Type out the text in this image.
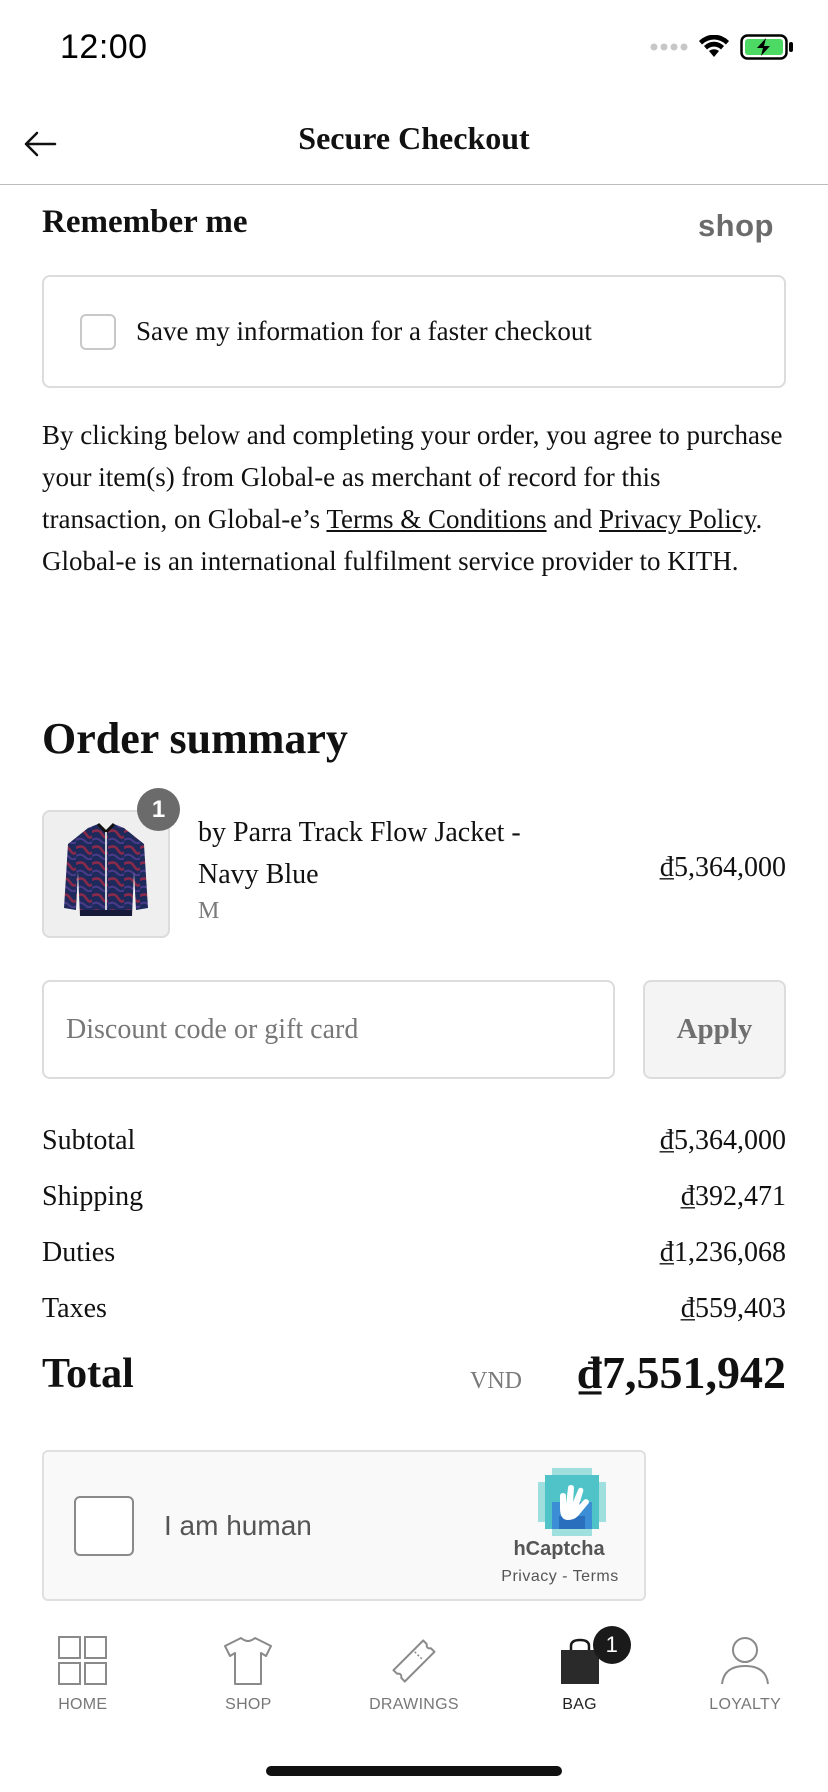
12:00
Secure Checkout
Remember me	shop
Save my information for a faster checkout

By clicking below and completing your order, you agree to purchase your item(s) from Global-e as merchant of record for this transaction, on Global-e’s Terms & Conditions and Privacy Policy. Global-e is an international fulfilment service provider to KITH.

Order summary
1
by Parra Track Flow Jacket - Navy Blue
M
₫5,364,000
Discount code or gift card
Apply
Subtotal	₫5,364,000
Shipping	₫392,471
Duties	₫1,236,068
Taxes	₫559,403
Total	VND ₫7,551,942
I am human
hCaptcha
Privacy - Terms
HOME	SHOP	DRAWINGS
1
BAG	LOYALTY
